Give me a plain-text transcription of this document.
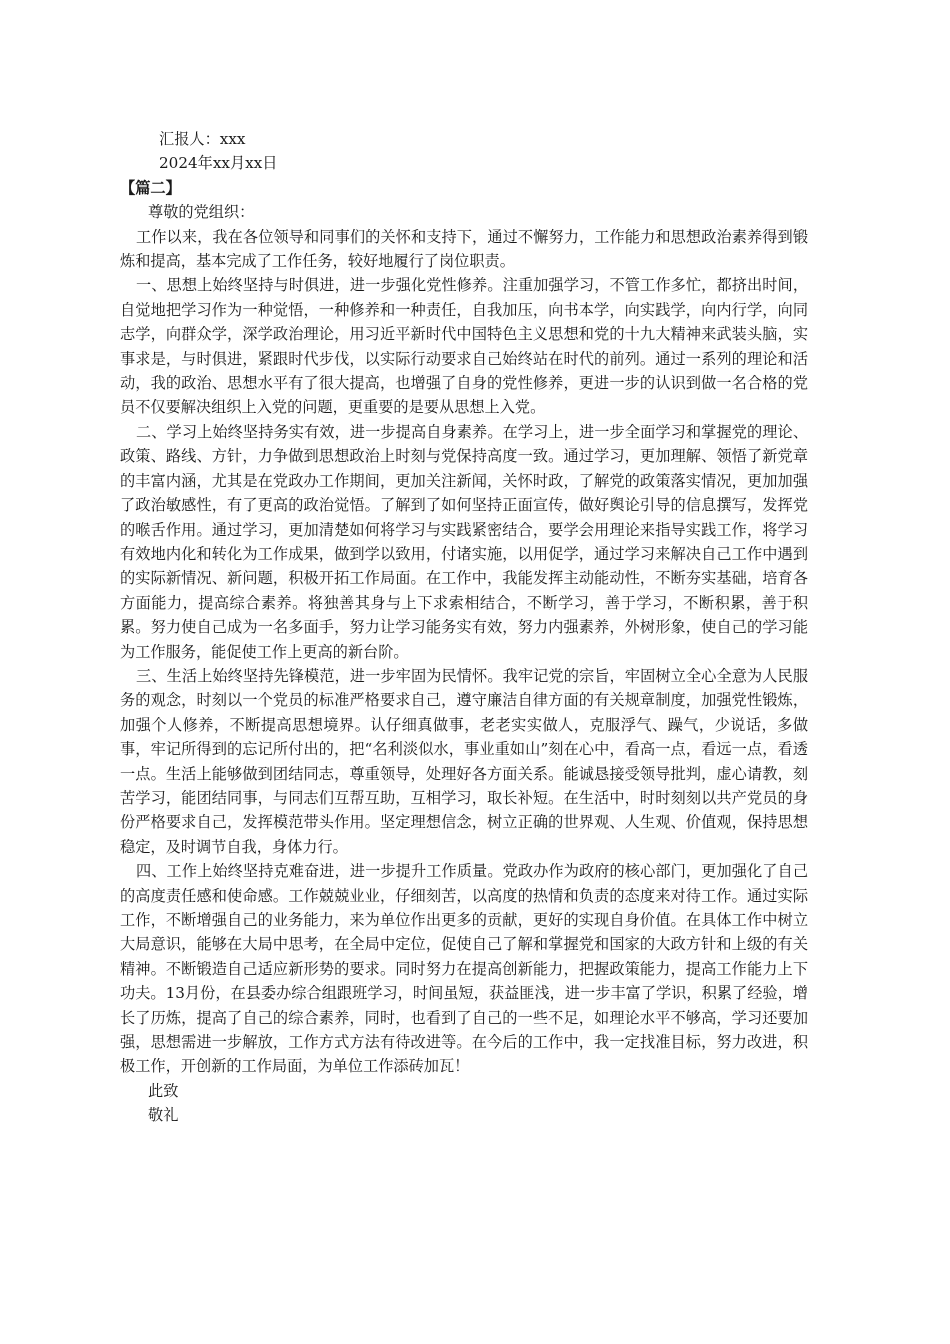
汇报人：xxx
2024年xx月xx日
【篇二】
尊敬的党组织：

工作以来，我在各位领导和同事们的关怀和支持下，通过不懈努力，工作能力和思想政治素养得到锻炼和提高，基本完成了工作任务，较好地履行了岗位职责。

一、思想上始终坚持与时俱进，进一步强化党性修养。注重加强学习，不管工作多忙，都挤出时间，自觉地把学习作为一种觉悟，一种修养和一种责任，自我加压，向书本学，向实践学，向内行学，向同志学，向群众学，深学政治理论，用习近平新时代中国特色主义思想和党的十九大精神来武装头脑，实事求是，与时俱进，紧跟时代步伐，以实际行动要求自己始终站在时代的前列。通过一系列的理论和活动，我的政治、思想水平有了很大提高，也增强了自身的党性修养，更进一步的认识到做一名合格的党员不仅要解决组织上入党的问题，更重要的是要从思想上入党。

二、学习上始终坚持务实有效，进一步提高自身素养。在学习上，进一步全面学习和掌握党的理论、政策、路线、方针，力争做到思想政治上时刻与党保持高度一致。通过学习，更加理解、领悟了新党章的丰富内涵，尤其是在党政办工作期间，更加关注新闻，关怀时政，了解党的政策落实情况，更加加强了政治敏感性，有了更高的政治觉悟。了解到了如何坚持正面宣传，做好舆论引导的信息撰写，发挥党的喉舌作用。通过学习，更加清楚如何将学习与实践紧密结合，要学会用理论来指导实践工作，将学习有效地内化和转化为工作成果，做到学以致用，付诸实施，以用促学，通过学习来解决自己工作中遇到的实际新情况、新问题，积极开拓工作局面。在工作中，我能发挥主动能动性，不断夯实基础，培育各方面能力，提高综合素养。将独善其身与上下求索相结合，不断学习，善于学习，不断积累，善于积累。努力使自己成为一名多面手，努力让学习能务实有效，努力内强素养，外树形象，使自己的学习能为工作服务，能促使工作上更高的新台阶。

三、生活上始终坚持先锋模范，进一步牢固为民情怀。我牢记党的宗旨，牢固树立全心全意为人民服务的观念，时刻以一个党员的标准严格要求自己，遵守廉洁自律方面的有关规章制度，加强党性锻炼，加强个人修养，不断提高思想境界。认仔细真做事，老老实实做人，克服浮气、躁气，少说话，多做事，牢记所得到的忘记所付出的，把“名利淡似水，事业重如山”刻在心中，看高一点，看远一点，看透一点。生活上能够做到团结同志，尊重领导，处理好各方面关系。能诚恳接受领导批判，虚心请教，刻苦学习，能团结同事，与同志们互帮互助，互相学习，取长补短。在生活中，时时刻刻以共产党员的身份严格要求自己，发挥模范带头作用。坚定理想信念，树立正确的世界观、人生观、价值观，保持思想稳定，及时调节自我，身体力行。

四、工作上始终坚持克难奋进，进一步提升工作质量。党政办作为政府的核心部门，更加强化了自己的高度责任感和使命感。工作兢兢业业，仔细刻苦，以高度的热情和负责的态度来对待工作。通过实际工作，不断增强自己的业务能力，来为单位作出更多的贡献，更好的实现自身价值。在具体工作中树立大局意识，能够在大局中思考，在全局中定位，促使自己了解和掌握党和国家的大政方针和上级的有关精神。不断锻造自己适应新形势的要求。同时努力在提高创新能力，把握政策能力，提高工作能力上下功夫。13月份，在县委办综合组跟班学习，时间虽短，获益匪浅，进一步丰富了学识，积累了经验，增长了历炼，提高了自己的综合素养，同时，也看到了自己的一些不足，如理论水平不够高，学习还要加强，思想需进一步解放，工作方式方法有待改进等。在今后的工作中，我一定找准目标，努力改进，积极工作，开创新的工作局面，为单位工作添砖加瓦！

此致
敬礼
